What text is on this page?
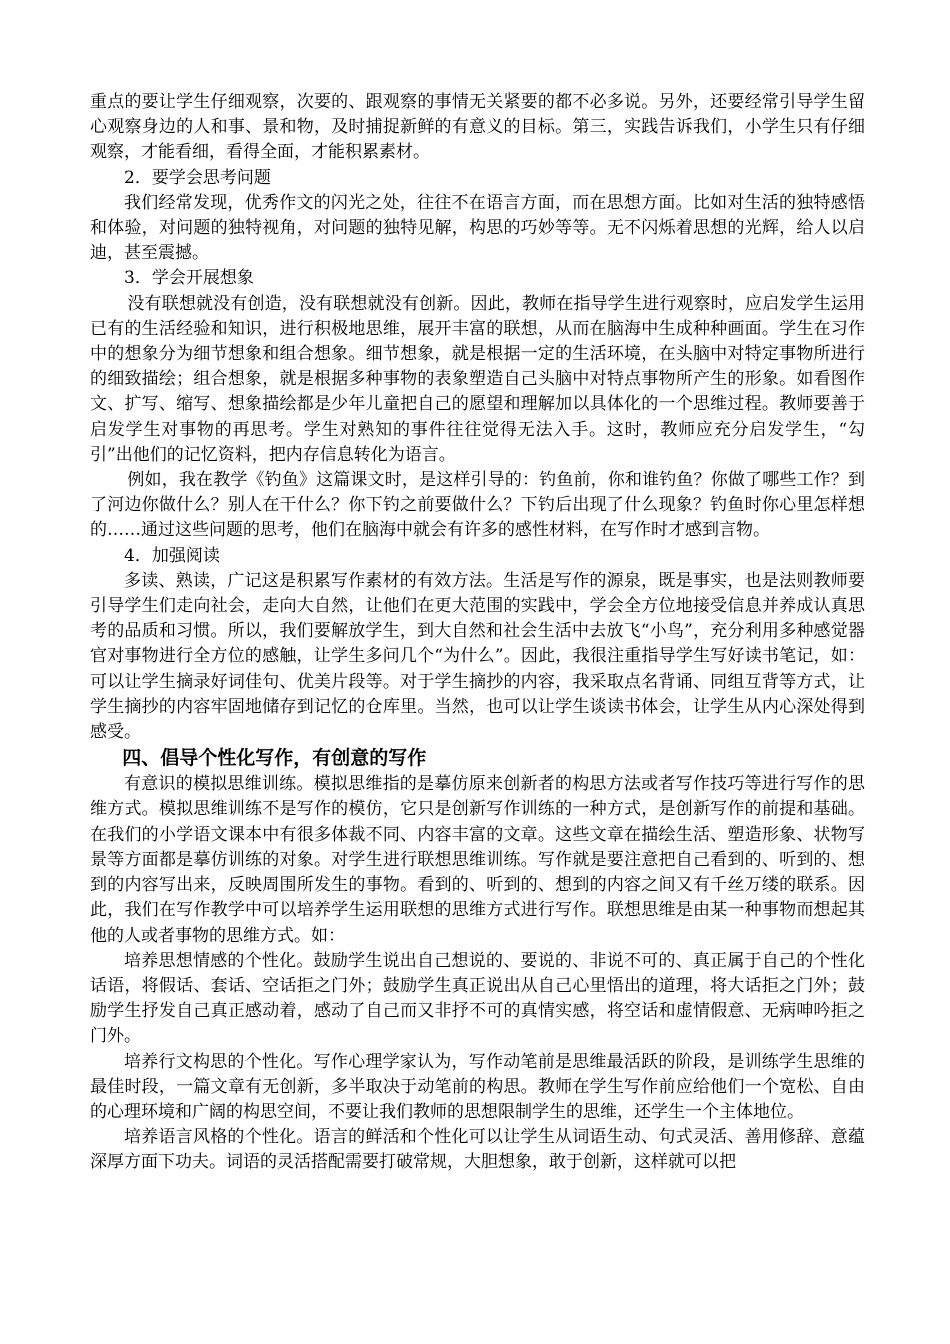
重点的要让学生仔细观察，次要的、跟观察的事情无关紧要的都不必多说。另外，还要经常引导学生留心观察身边的人和事、景和物，及时捕捉新鲜的有意义的目标。第三，实践告诉我们，小学生只有仔细观察，才能看细，看得全面，才能积累素材。

2．要学会思考问题

我们经常发现，优秀作文的闪光之处，往往不在语言方面，而在思想方面。比如对生活的独特感悟和体验，对问题的独特视角，对问题的独特见解，构思的巧妙等等。无不闪烁着思想的光辉，给人以启迪，甚至震撼。

3．学会开展想象

没有联想就没有创造，没有联想就没有创新。因此，教师在指导学生进行观察时，应启发学生运用已有的生活经验和知识，进行积极地思维，展开丰富的联想，从而在脑海中生成种种画面。学生在习作中的想象分为细节想象和组合想象。细节想象，就是根据一定的生活环境，在头脑中对特定事物所进行的细致描绘；组合想象，就是根据多种事物的表象塑造自己头脑中对特点事物所产生的形象。如看图作文、扩写、缩写、想象描绘都是少年儿童把自己的愿望和理解加以具体化的一个思维过程。教师要善于启发学生对事物的再思考。学生对熟知的事件往往觉得无法入手。这时，教师应充分启发学生，“勾引”出他们的记忆资料，把内存信息转化为语言。

例如，我在教学《钓鱼》这篇课文时，是这样引导的：钓鱼前，你和谁钓鱼？你做了哪些工作？到了河边你做什么？别人在干什么？你下钓之前要做什么？下钓后出现了什么现象？钓鱼时你心里怎样想的……通过这些问题的思考，他们在脑海中就会有许多的感性材料，在写作时才感到言物。

4．加强阅读

多读、熟读，广记这是积累写作素材的有效方法。生活是写作的源泉，既是事实，也是法则教师要引导学生们走向社会，走向大自然，让他们在更大范围的实践中，学会全方位地接受信息并养成认真思考的品质和习惯。所以，我们要解放学生，到大自然和社会生活中去放飞“小鸟”，充分利用多种感觉器官对事物进行全方位的感触，让学生多问几个“为什么”。因此，我很注重指导学生写好读书笔记，如：可以让学生摘录好词佳句、优美片段等。对于学生摘抄的内容，我采取点名背诵、同组互背等方式，让学生摘抄的内容牢固地储存到记忆的仓库里。当然，也可以让学生谈读书体会，让学生从内心深处得到感受。

四、倡导个性化写作，有创意的写作

有意识的模拟思维训练。模拟思维指的是摹仿原来创新者的构思方法或者写作技巧等进行写作的思维方式。模拟思维训练不是写作的模仿，它只是创新写作训练的一种方式，是创新写作的前提和基础。在我们的小学语文课本中有很多体裁不同、内容丰富的文章。这些文章在描绘生活、塑造形象、状物写景等方面都是摹仿训练的对象。对学生进行联想思维训练。写作就是要注意把自己看到的、听到的、想到的内容写出来，反映周围所发生的事物。看到的、听到的、想到的内容之间又有千丝万缕的联系。因此，我们在写作教学中可以培养学生运用联想的思维方式进行写作。联想思维是由某一种事物而想起其他的人或者事物的思维方式。如：

培养思想情感的个性化。鼓励学生说出自己想说的、要说的、非说不可的、真正属于自己的个性化话语，将假话、套话、空话拒之门外；鼓励学生真正说出从自己心里悟出的道理，将大话拒之门外；鼓励学生抒发自己真正感动着，感动了自己而又非抒不可的真情实感，将空话和虚情假意、无病呻吟拒之门外。

培养行文构思的个性化。写作心理学家认为，写作动笔前是思维最活跃的阶段，是训练学生思维的最佳时段，一篇文章有无创新，多半取决于动笔前的构思。教师在学生写作前应给他们一个宽松、自由的心理环境和广阔的构思空间，不要让我们教师的思想限制学生的思维，还学生一个主体地位。

培养语言风格的个性化。语言的鲜活和个性化可以让学生从词语生动、句式灵活、善用修辞、意蕴深厚方面下功夫。词语的灵活搭配需要打破常规，大胆想象，敢于创新，这样就可以把
